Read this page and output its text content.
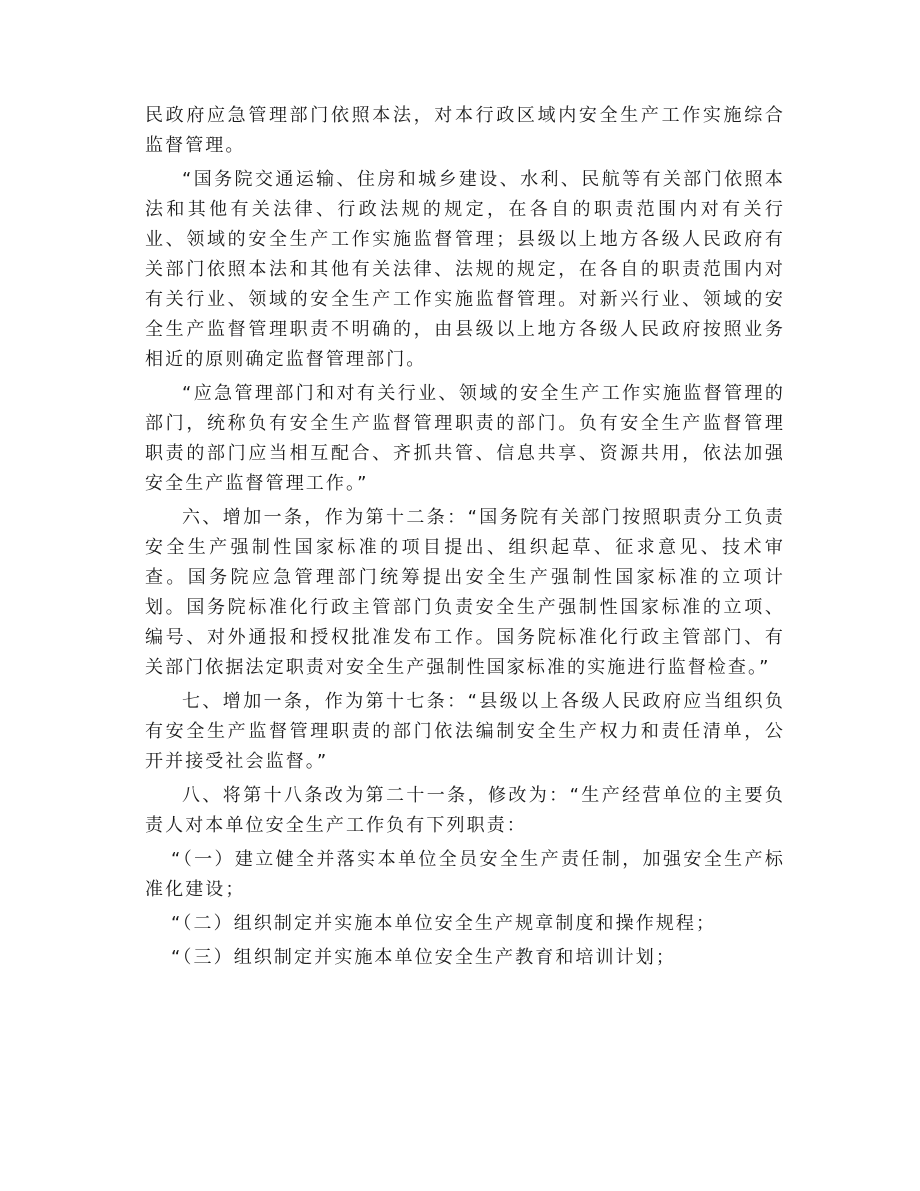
民政府应急管理部门依照本法，对本行政区域内安全生产工作实施综合监督管理。

“国务院交通运输、住房和城乡建设、水利、民航等有关部门依照本法和其他有关法律、行政法规的规定，在各自的职责范围内对有关行业、领域的安全生产工作实施监督管理；县级以上地方各级人民政府有关部门依照本法和其他有关法律、法规的规定，在各自的职责范围内对有关行业、领域的安全生产工作实施监督管理。对新兴行业、领域的安全生产监督管理职责不明确的，由县级以上地方各级人民政府按照业务相近的原则确定监督管理部门。

“应急管理部门和对有关行业、领域的安全生产工作实施监督管理的部门，统称负有安全生产监督管理职责的部门。负有安全生产监督管理职责的部门应当相互配合、齐抓共管、信息共享、资源共用，依法加强安全生产监督管理工作。”

六、增加一条，作为第十二条：“国务院有关部门按照职责分工负责安全生产强制性国家标准的项目提出、组织起草、征求意见、技术审查。国务院应急管理部门统筹提出安全生产强制性国家标准的立项计划。国务院标准化行政主管部门负责安全生产强制性国家标准的立项、编号、对外通报和授权批准发布工作。国务院标准化行政主管部门、有关部门依据法定职责对安全生产强制性国家标准的实施进行监督检查。”

七、增加一条，作为第十七条：“县级以上各级人民政府应当组织负有安全生产监督管理职责的部门依法编制安全生产权力和责任清单，公开并接受社会监督。”

八、将第十八条改为第二十一条，修改为：“生产经营单位的主要负责人对本单位安全生产工作负有下列职责：

“（一）建立健全并落实本单位全员安全生产责任制，加强安全生产标准化建设；

“（二）组织制定并实施本单位安全生产规章制度和操作规程；

“（三）组织制定并实施本单位安全生产教育和培训计划；
